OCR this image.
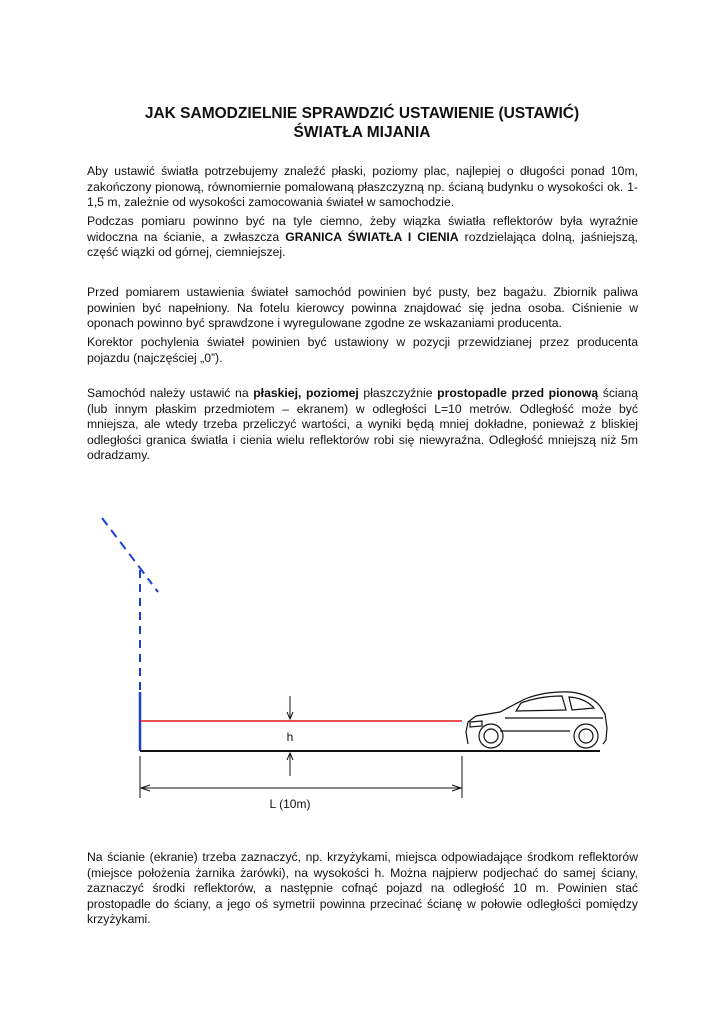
JAK SAMODZIELNIE SPRAWDZIĆ USTAWIENIE (USTAWIĆ)
ŚWIATŁA MIJANIA

Aby ustawić światła potrzebujemy znaleźć płaski, poziomy plac, najlepiej o długości ponad 10m, zakończony pionową, równomiernie pomalowaną płaszczyzną np. ścianą budynku o wysokości ok. 1-1,5 m, zależnie od wysokości zamocowania świateł w samochodzie.

Podczas pomiaru powinno być na tyle ciemno, żeby wiązka światła reflektorów była wyraźnie widoczna na ścianie, a zwłaszcza GRANICA ŚWIATŁA I CIENIA rozdzielająca dolną, jaśniejszą, część wiązki od górnej, ciemniejszej.

Przed pomiarem ustawienia świateł samochód powinien być pusty, bez bagażu. Zbiornik paliwa powinien być napełniony. Na fotelu kierowcy powinna znajdować się jedna osoba. Ciśnienie w oponach powinno być sprawdzone i wyregulowane zgodne ze wskazaniami producenta.

Korektor pochylenia świateł powinien być ustawiony w pozycji przewidzianej przez producenta pojazdu (najczęściej „0”).

Samochód należy ustawić na płaskiej, poziomej płaszczyźnie prostopadle przed pionową ścianą (lub innym płaskim przedmiotem – ekranem) w odległości L=10 metrów. Odległość może być mniejsza, ale wtedy trzeba przeliczyć wartości, a wyniki będą mniej dokładne, ponieważ z bliskiej odległości granica światła i cienia wielu reflektorów robi się niewyraźna. Odległość mniejszą niż 5m odradzamy.

h
L (10m)

Na ścianie (ekranie) trzeba zaznaczyć, np. krzyżykami, miejsca odpowiadające środkom reflektorów (miejsce położenia żarnika żarówki), na wysokości h. Można najpierw podjechać do samej ściany, zaznaczyć środki reflektorów, a następnie cofnąć pojazd na odległość 10 m. Powinien stać prostopadle do ściany, a jego oś symetrii powinna przecinać ścianę w połowie odległości pomiędzy krzyżykami.
